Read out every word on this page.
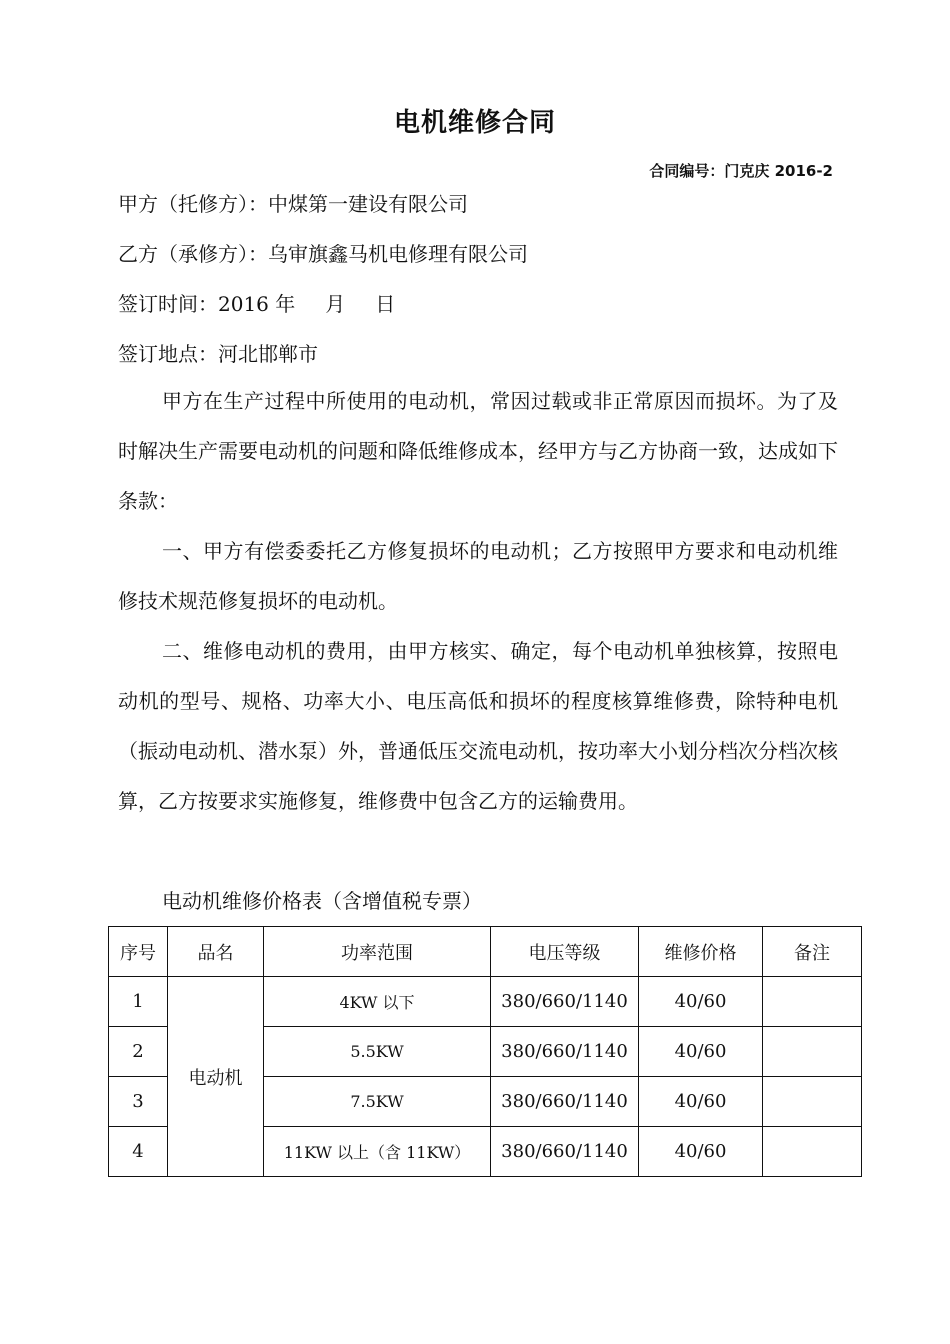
电机维修合同
合同编号：门克庆 2016-2
甲方（托修方）：中煤第一建设有限公司
乙方（承修方）：乌审旗鑫马机电修理有限公司
签订时间：2016 年 月 日
签订地点：河北邯郸市
甲方在生产过程中所使用的电动机，常因过载或非正常原因而损坏。为了及时解决生产需要电动机的问题和降低维修成本，经甲方与乙方协商一致，达成如下条款：
一、甲方有偿委委托乙方修复损坏的电动机；乙方按照甲方要求和电动机维修技术规范修复损坏的电动机。
二、维修电动机的费用，由甲方核实、确定，每个电动机单独核算，按照电动机的型号、规格、功率大小、电压高低和损坏的程度核算维修费，除特种电机（振动电动机、潜水泵）外，普通低压交流电动机，按功率大小划分档次分档次核算，乙方按要求实施修复，维修费中包含乙方的运输费用。
电动机维修价格表（含增值税专票）
序号	品名	功率范围	电压等级	维修价格	备注
1	电动机	4KW 以下	380/660/1140	40/60	
2		5.5KW	380/660/1140	40/60	
3		7.5KW	380/660/1140	40/60	
4		11KW 以上（含 11KW）	380/660/1140	40/60	
